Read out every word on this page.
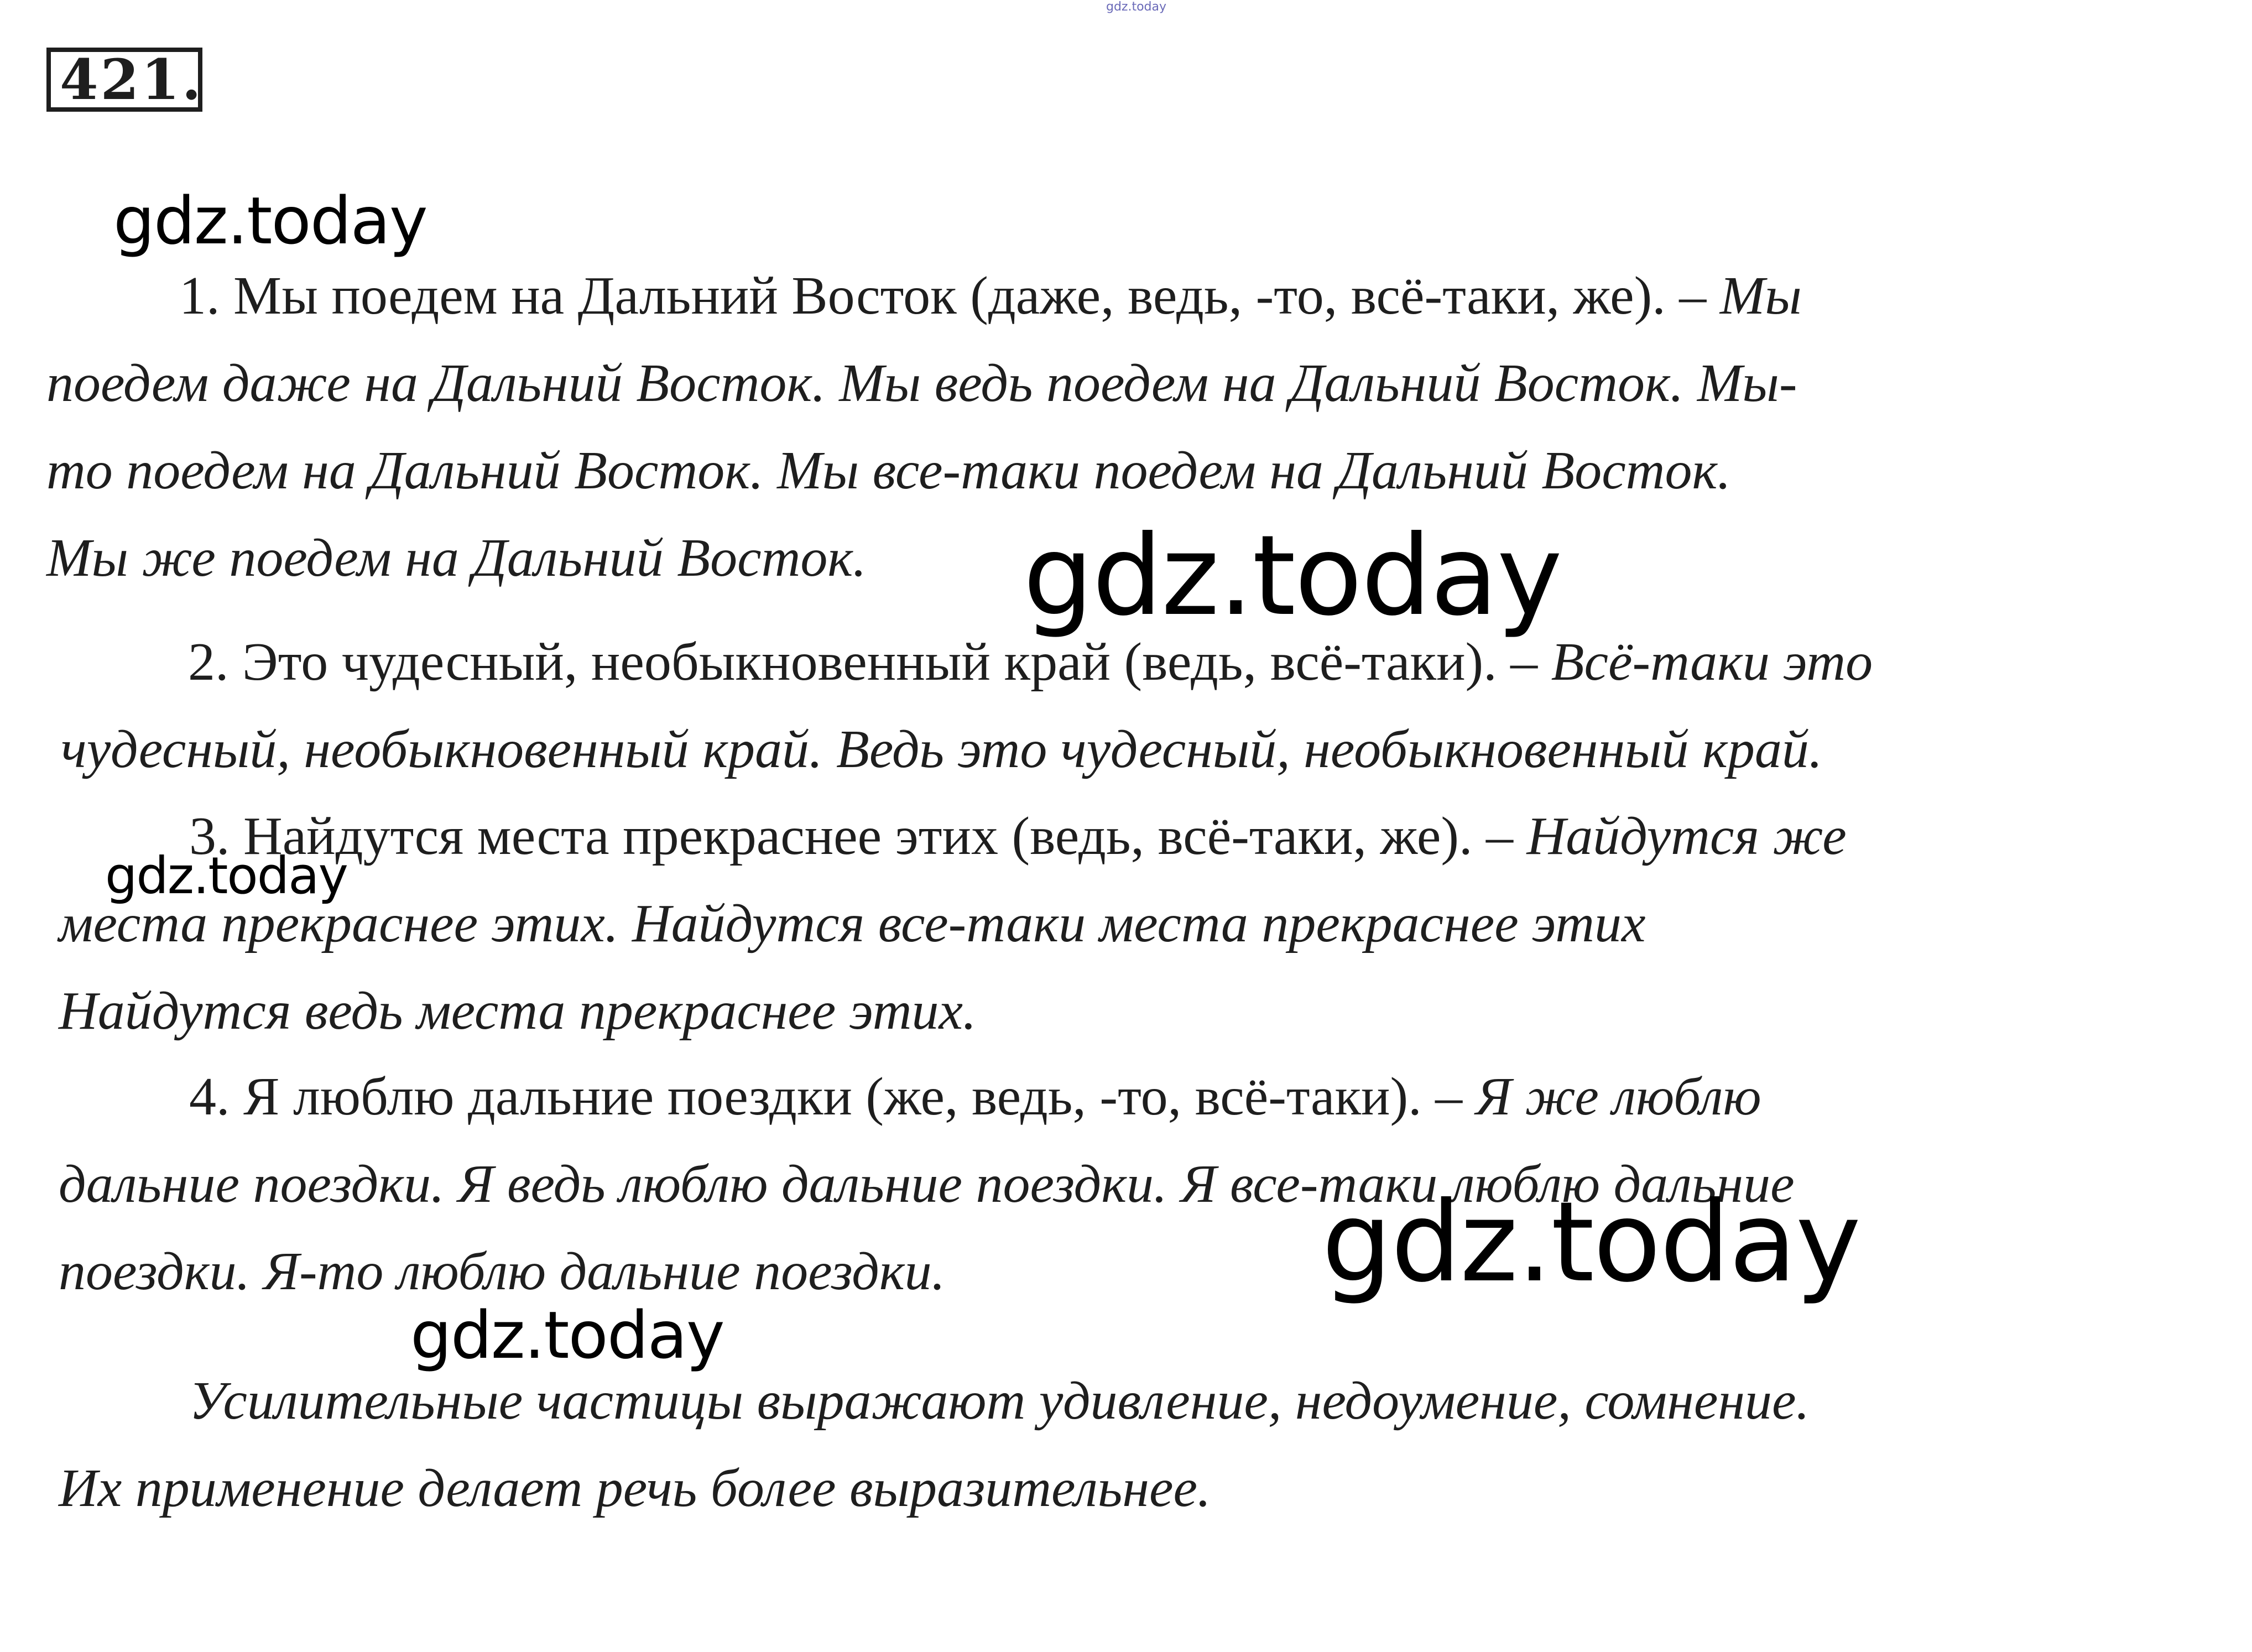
gdz.today
421.
1. Мы поедем на Дальний Восток (даже, ведь, -то, всё-таки, же). – Мы
поедем даже на Дальний Восток. Мы ведь поедем на Дальний Восток. Мы-
то поедем на Дальний Восток. Мы все-таки поедем на Дальний Восток.
Мы же поедем на Дальний Восток.
2. Это чудесный, необыкновенный край (ведь, всё-таки). – Всё-таки это
чудесный, необыкновенный край. Ведь это чудесный, необыкновенный край.
3. Найдутся места прекраснее этих (ведь, всё-таки, же). – Найдутся же
места прекраснее этих. Найдутся все-таки места прекраснее этих
Найдутся ведь места прекраснее этих.
4. Я люблю дальние поездки (же, ведь, -то, всё-таки). – Я же люблю
дальние поездки. Я ведь люблю дальние поездки. Я все-таки люблю дальние
поездки. Я-то люблю дальние поездки.
Усилительные частицы выражают удивление, недоумение, сомнение.
Их применение делает речь более выразительнее.
gdz.today
gdz.today
gdz.today
gdz.today
gdz.today
